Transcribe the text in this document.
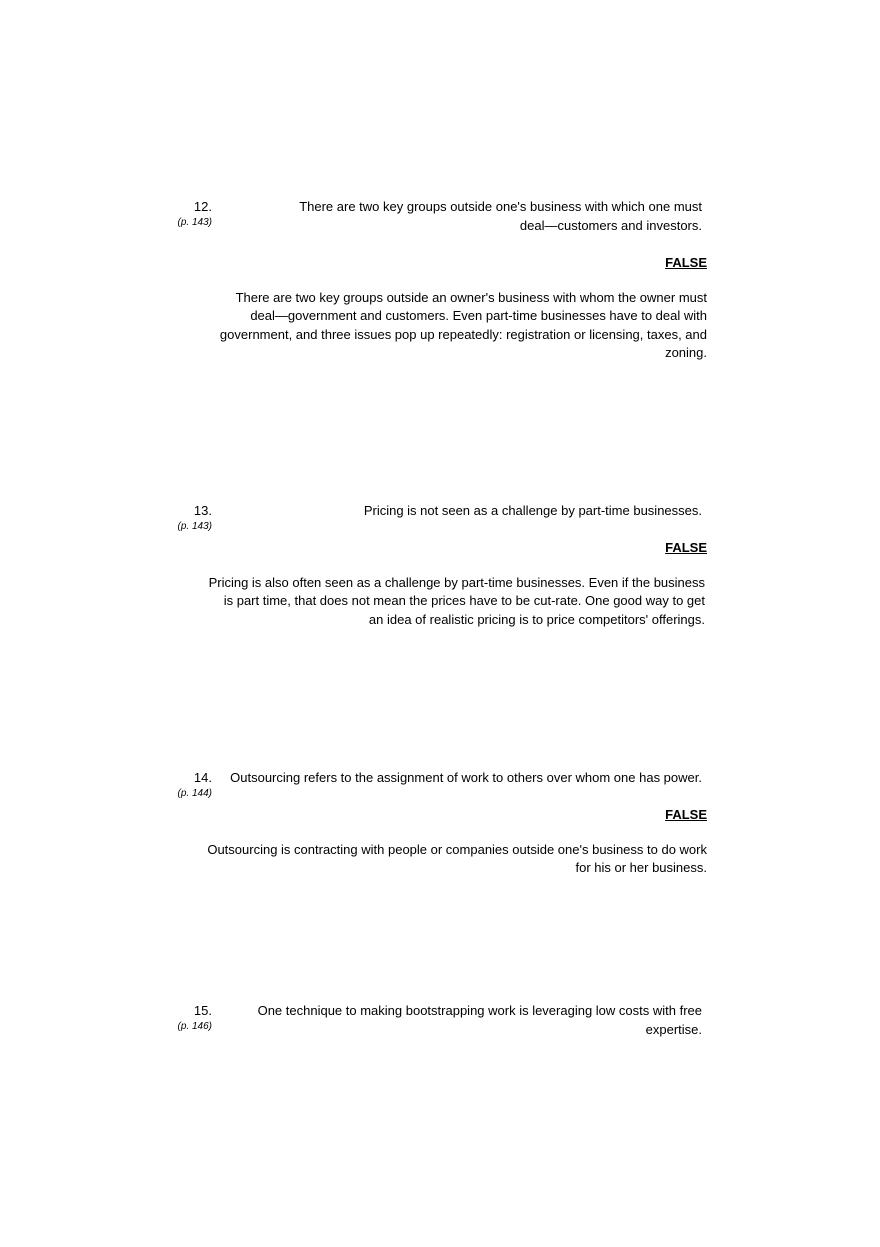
12.
(p. 143)
There are two key groups outside one's business with which one must deal—customers and investors.
FALSE
There are two key groups outside an owner's business with whom the owner must deal—government and customers. Even part-time businesses have to deal with government, and three issues pop up repeatedly: registration or licensing, taxes, and zoning.
13.
(p. 143)
Pricing is not seen as a challenge by part-time businesses.
FALSE
Pricing is also often seen as a challenge by part-time businesses. Even if the business is part time, that does not mean the prices have to be cut-rate. One good way to get an idea of realistic pricing is to price competitors' offerings.
14.
(p. 144)
Outsourcing refers to the assignment of work to others over whom one has power.
FALSE
Outsourcing is contracting with people or companies outside one's business to do work for his or her business.
15.
(p. 146)
One technique to making bootstrapping work is leveraging low costs with free expertise.
